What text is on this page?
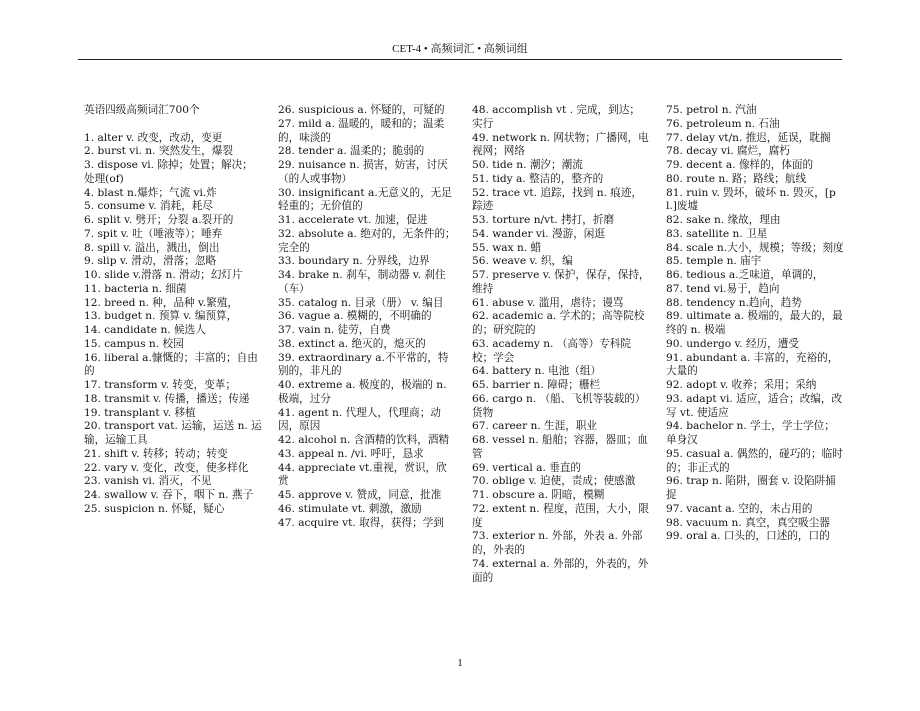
CET-4 • 高频词汇 • 高频词组
英语四级高频词汇700个
1. alter v. 改变，改动，变更
2. burst vi. n. 突然发生，爆裂
3. dispose vi. 除掉；处置；解决；处理(of)
4. blast n.爆炸；气流 vi.炸
5. consume v. 消耗，耗尽
6. split v. 劈开；分裂 a.裂开的
7. spit v. 吐（唾液等）；唾弃
8. spill v. 溢出，溅出，倒出
9. slip v. 滑动，滑落；忽略
10. slide v.滑落 n. 滑动；幻灯片
11. bacteria n. 细菌
12. breed n. 种，品种 v.繁殖，
13. budget n. 预算 v. 编预算，
14. candidate n. 候选人
15. campus n. 校园
16. liberal a.慷慨的；丰富的；自由的
17. transform v. 转变，变革；
18. transmit v. 传播，播送；传递
19. transplant v. 移植
20. transport vat. 运输，运送 n. 运输，运输工具
21. shift v. 转移；转动；转变
22. vary v. 变化，改变，使多样化
23. vanish vi. 消灭，不见
24. swallow v. 吞下，咽下 n. 燕子
25. suspicion n. 怀疑，疑心
26. suspicious a. 怀疑的，可疑的
27. mild a. 温暖的，暖和的；温柔的，味淡的
28. tender a. 温柔的；脆弱的
29. nuisance n. 损害，妨害，讨厌（的人或事物）
30. insignificant a.无意义的，无足轻重的；无价值的
31. accelerate vt. 加速，促进
32. absolute a. 绝对的，无条件的；完全的
33. boundary n. 分界线，边界
34. brake n. 刹车，制动器 v. 刹住（车）
35. catalog n. 目录（册） v. 编目
36. vague a. 模糊的，不明确的
37. vain n. 徒劳，自费
38. extinct a. 绝灭的，熄灭的
39. extraordinary a.不平常的，特别的，非凡的
40. extreme a. 极度的，极端的 n. 极端，过分
41. agent n. 代理人，代理商；动因，原因
42. alcohol n. 含酒精的饮料，酒精
43. appeal n. /vi. 呼吁，恳求
44. appreciate vt.重视，赏识，欣赏
45. approve v. 赞成，同意，批准
46. stimulate vt. 刺激，激励
47. acquire vt. 取得，获得；学到
48. accomplish vt . 完成，到达；实行
49. network n. 网状物；广播网，电视网；网络
50. tide n. 潮汐；潮流
51. tidy a. 整洁的，整齐的
52. trace vt. 追踪，找到 n. 痕迹，踪迹
53. torture n/vt. 拷打，折磨
54. wander vi. 漫游，闲逛
55. wax n. 蜡
56. weave v. 织，编
57. preserve v. 保护，保存，保持，维持
61. abuse v. 滥用，虐待；谩骂
62. academic a. 学术的；高等院校的；研究院的
63. academy n. （高等）专科院校；学会
64. battery n. 电池（组）
65. barrier n. 障碍；栅栏
66. cargo n. （船、飞机等装载的）货物
67. career n. 生涯，职业
68. vessel n. 船舶；容器，器皿；血管
69. vertical a. 垂直的
70. oblige v. 迫使，责成；使感激
71. obscure a. 阴暗，模糊
72. extent n. 程度，范围，大小，限度
73. exterior n. 外部，外表 a. 外部的，外表的
74. external a. 外部的，外表的，外面的
75. petrol n. 汽油
76. petroleum n. 石油
77. delay vt/n. 推迟，延误，耽搁
78. decay vi. 腐烂，腐朽
79. decent a. 像样的，体面的
80. route n. 路；路线；航线
81. ruin v. 毁坏，破坏 n. 毁灭，[pl.]废墟
82. sake n. 缘故，理由
83. satellite n. 卫星
84. scale n.大小，规模；等级；刻度
85. temple n. 庙宇
86. tedious a.乏味道，单调的，
87. tend vi.易于，趋向
88. tendency n.趋向，趋势
89. ultimate a. 极端的，最大的，最终的 n. 极端
90. undergo v. 经历，遭受
91. abundant a. 丰富的，充裕的，大量的
92. adopt v. 收养；采用；采纳
93. adapt vi. 适应，适合；改编，改写 vt. 使适应
94. bachelor n. 学士，学士学位；单身汉
95. casual a. 偶然的，碰巧的；临时的；非正式的
96. trap n. 陷阱，圈套 v. 设陷阱捕捉
97. vacant a. 空的，未占用的
98. vacuum n. 真空，真空吸尘器
99. oral a. 口头的，口述的，口的
1
